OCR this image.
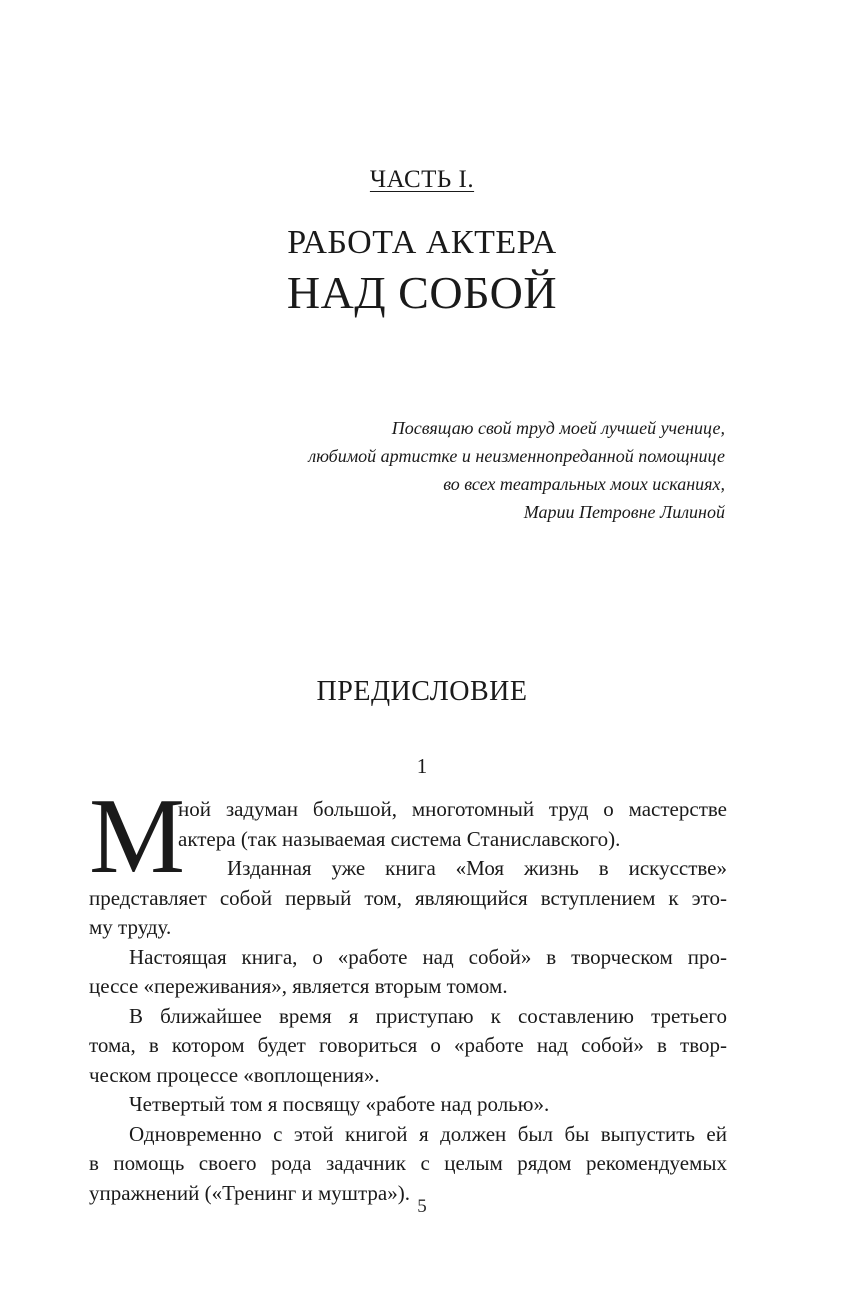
ЧАСТЬ I.
РАБОТА АКТЕРА
НАД СОБОЙ
Посвящаю свой труд моей лучшей ученице,
любимой артистке и неизменнопреданной помощнице
во всех театральных моих исканиях,
Марии Петровне Лилиной
ПРЕДИСЛОВИЕ
1
М
ной задуман большой, многотомный труд о мастерстве
актера (так называемая система Станиславского).
Изданная уже книга «Моя жизнь в искусстве»
представляет собой первый том, являющийся вступлением к это-
му труду.
Настоящая книга, о «работе над собой» в творческом про-
цессе «переживания», является вторым томом.
В ближайшее время я приступаю к составлению третьего
тома, в котором будет говориться о «работе над собой» в твор-
ческом процессе «воплощения».
Четвертый том я посвящу «работе над ролью».
Одновременно с этой книгой я должен был бы выпустить ей
в помощь своего рода задачник с целым рядом рекомендуемых
упражнений («Тренинг и муштра»).
5
